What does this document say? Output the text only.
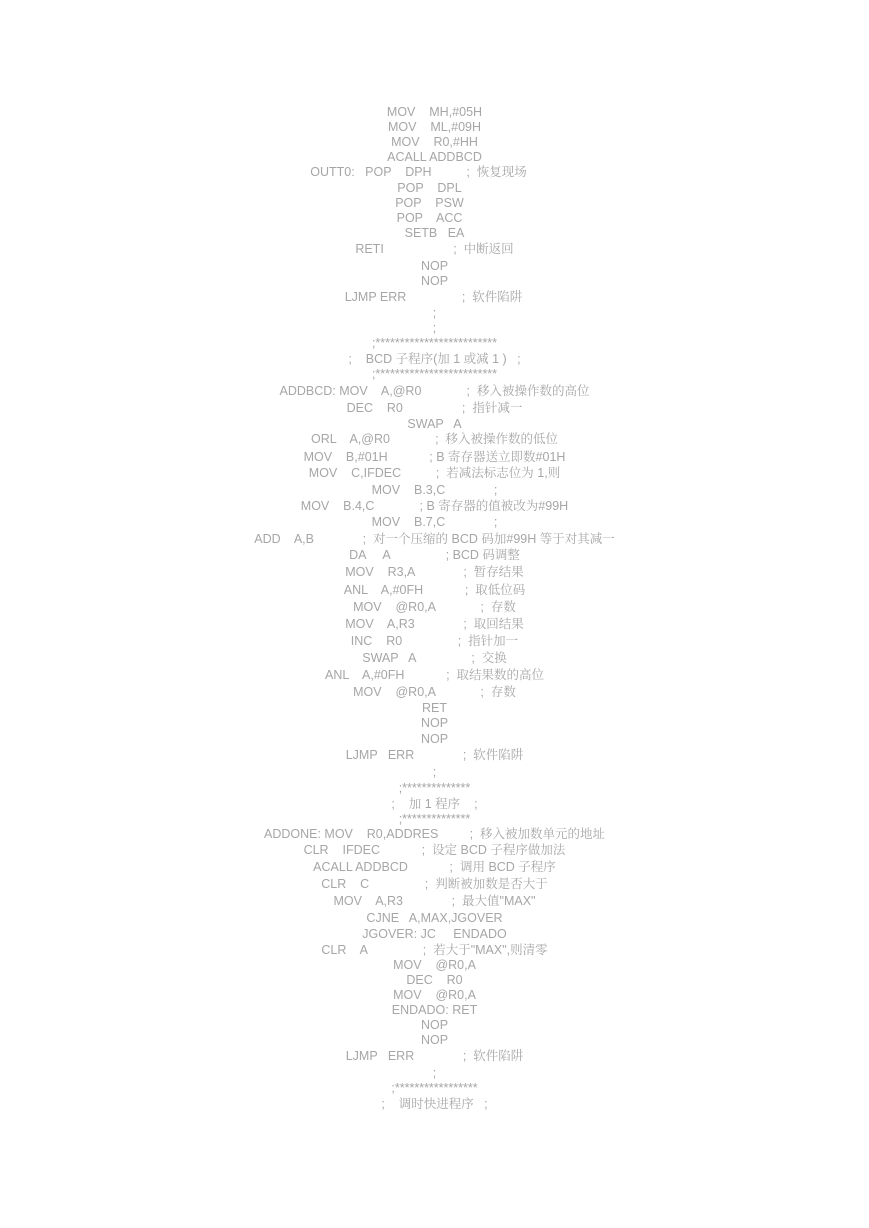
MOV    MH,#05H
MOV    ML,#09H
MOV    R0,#HH
ACALL ADDBCD
OUTT0:   POP    DPH          ;  恢复现场
POP    DPL
POP    PSW
POP    ACC
SETB   EA
RETI                    ;  中断返回
NOP
NOP
LJMP ERR                ;  软件陷阱
;
;
;*************************
;    BCD 子程序(加 1 或减 1 )   ;
;*************************
ADDBCD: MOV    A,@R0             ;  移入被操作数的高位
DEC    R0                 ;  指针减一
SWAP   A
ORL    A,@R0             ;  移入被操作数的低位
MOV    B,#01H            ; B 寄存器送立即数#01H
MOV    C,IFDEC          ;  若减法标志位为 1,则
MOV    B.3,C              ;
MOV    B.4,C             ; B 寄存器的值被改为#99H
MOV    B.7,C              ;
ADD    A,B              ;  对一个压缩的 BCD 码加#99H 等于对其减一
DA     A                ; BCD 码调整
MOV    R3,A              ;  暂存结果
ANL    A,#0FH            ;  取低位码
MOV    @R0,A             ;  存数
MOV    A,R3              ;  取回结果
INC    R0                ;  指针加一
SWAP   A                ;  交换
ANL    A,#0FH            ;  取结果数的高位
MOV    @R0,A             ;  存数
RET
NOP
NOP
LJMP   ERR              ;  软件陷阱
;
;**************
;    加 1 程序    ;
;**************
ADDONE: MOV    R0,ADDRES         ;  移入被加数单元的地址
CLR    IFDEC            ;  设定 BCD 子程序做加法
ACALL ADDBCD            ;  调用 BCD 子程序
CLR    C                ;  判断被加数是否大于
MOV    A,R3              ;  最大值"MAX"
CJNE   A,MAX,JGOVER
JGOVER: JC     ENDADO
CLR    A                ;  若大于"MAX",则清零
MOV    @R0,A
DEC    R0
MOV    @R0,A
ENDADO: RET
NOP
NOP
LJMP   ERR              ;  软件陷阱
;
;*****************
;    调时快进程序   ;
